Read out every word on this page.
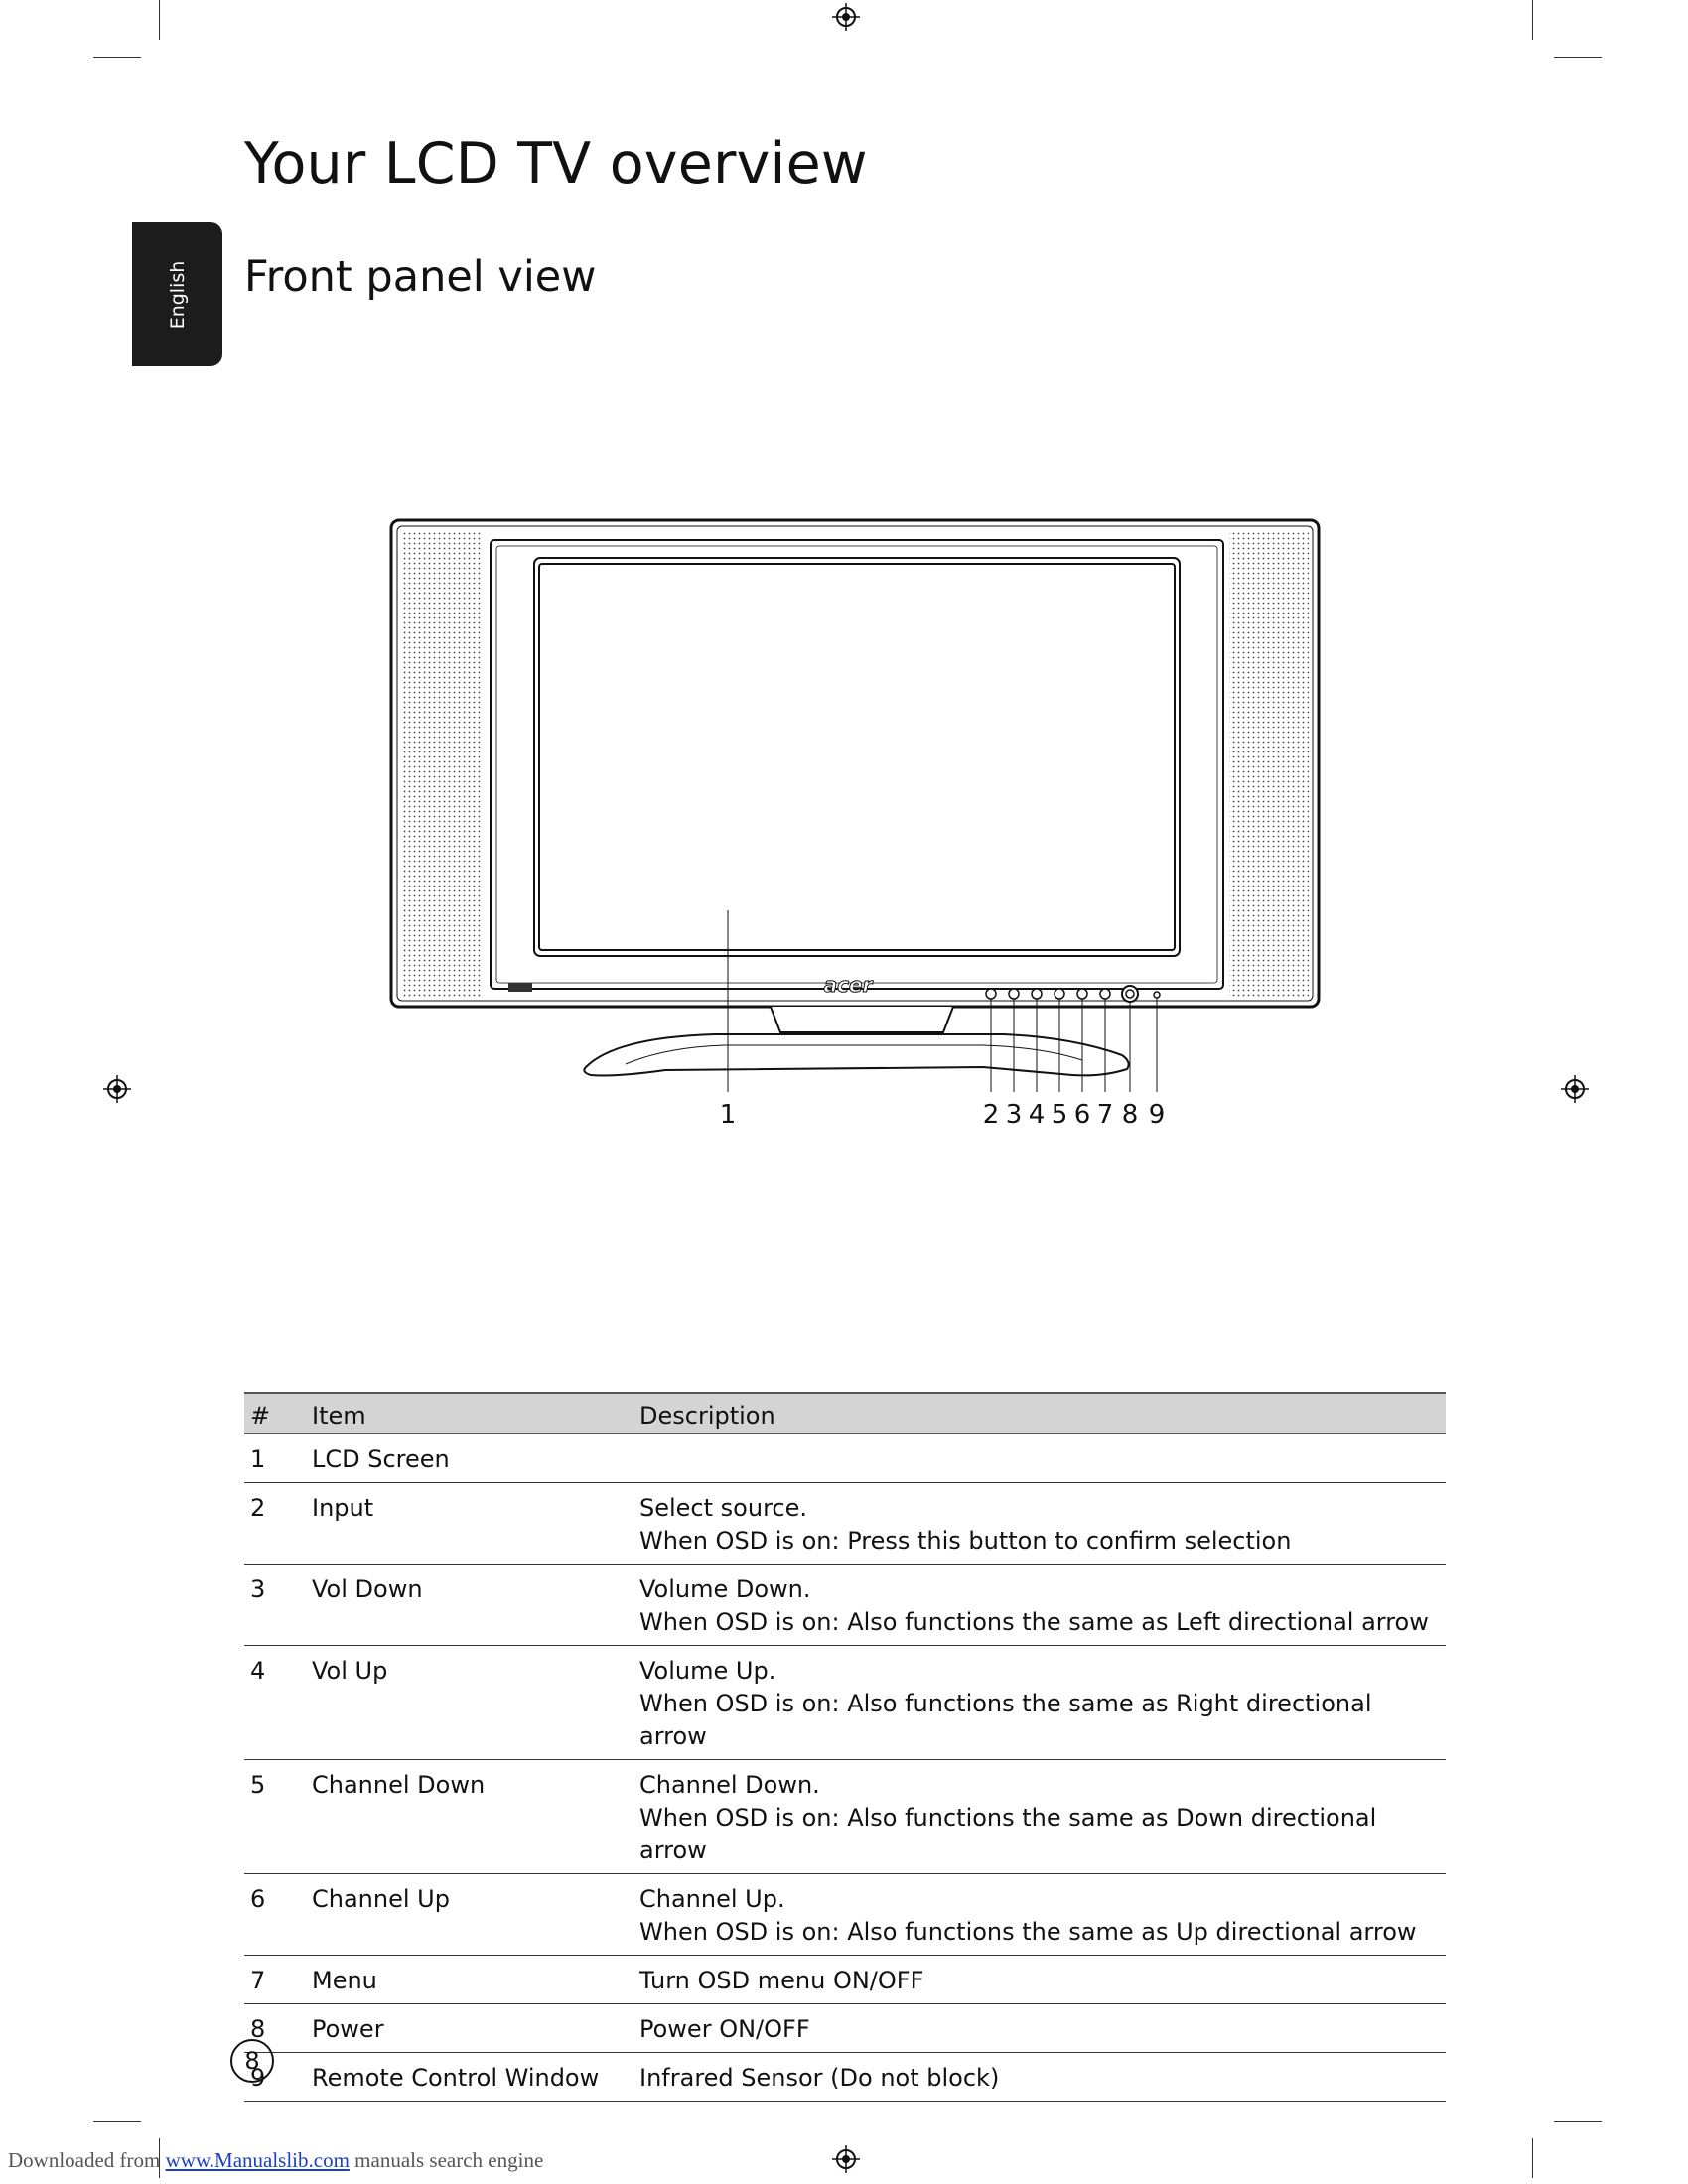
Your LCD TV overview
Front panel view
English
acer
1	2 3 4 5 6 7 8 9
#	Item	Description
1	LCD Screen	
2	Input	Select source.
When OSD is on: Press this button to confirm selection

3	Vol Down	Volume Down.
When OSD is on: Also functions the same as Left directional arrow

4	Vol Up	Volume Up.
When OSD is on: Also functions the same as Right directional arrow

5	Channel Down	Channel Down.
When OSD is on: Also functions the same as Down directional arrow

6	Channel Up	Channel Up.
When OSD is on: Also functions the same as Up directional arrow

7	Menu	Turn OSD menu ON/OFF
8	Power	Power ON/OFF
9	Remote Control Window	Infrared Sensor (Do not block)
8
Downloaded from www.Manualslib.com manuals search engine
